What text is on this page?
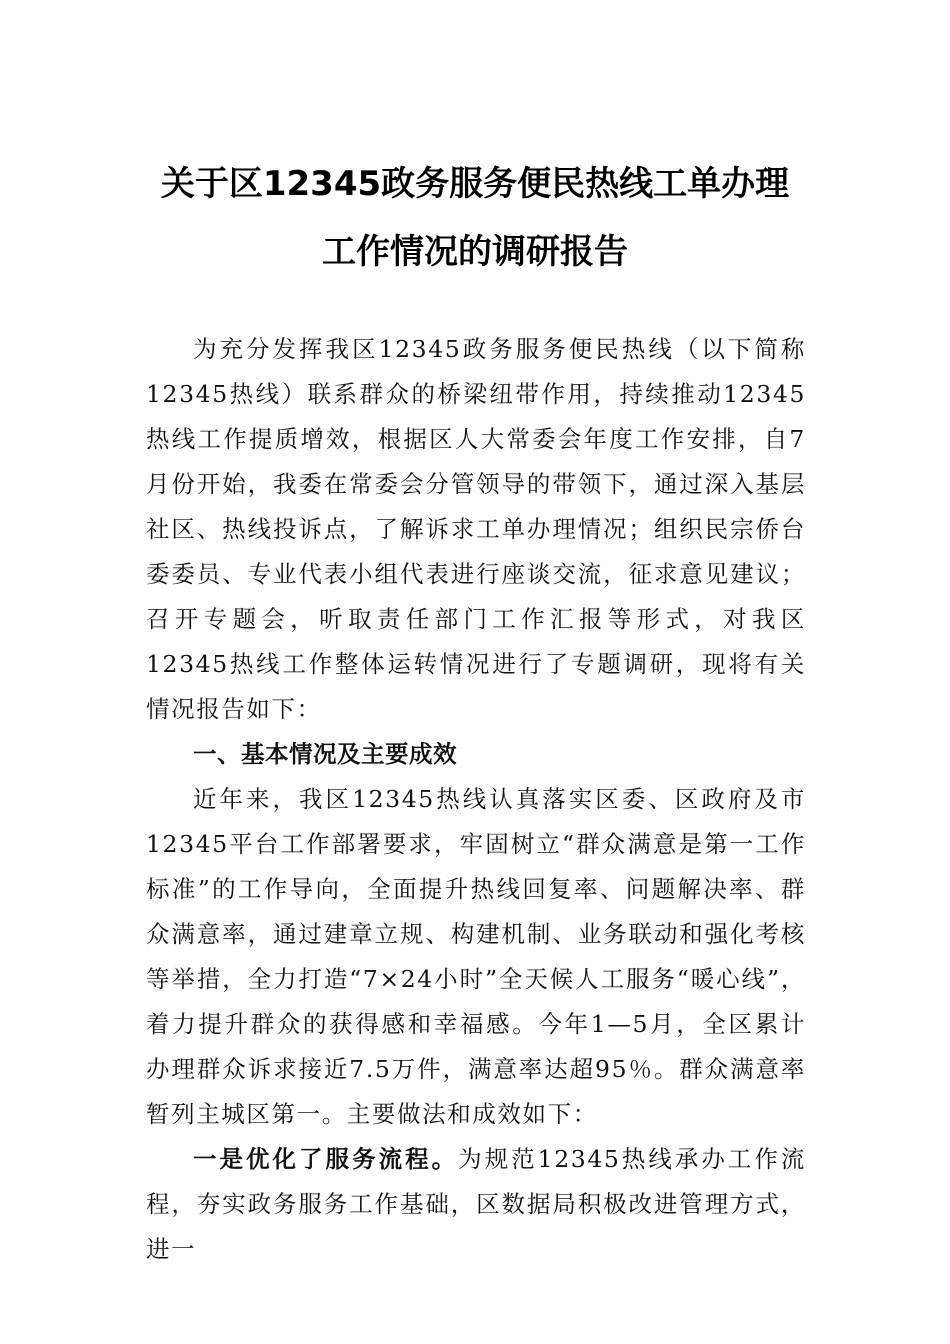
关于区12345政务服务便民热线工单办理
工作情况的调研报告

为充分发挥我区12345政务服务便民热线（以下简称12345热线）联系群众的桥梁纽带作用，持续推动12345热线工作提质增效，根据区人大常委会年度工作安排，自7月份开始，我委在常委会分管领导的带领下，通过深入基层社区、热线投诉点，了解诉求工单办理情况；组织民宗侨台委委员、专业代表小组代表进行座谈交流，征求意见建议；召开专题会，听取责任部门工作汇报等形式，对我区12345热线工作整体运转情况进行了专题调研，现将有关情况报告如下：

一、基本情况及主要成效

近年来，我区12345热线认真落实区委、区政府及市12345平台工作部署要求，牢固树立“群众满意是第一工作标准”的工作导向，全面提升热线回复率、问题解决率、群众满意率，通过建章立规、构建机制、业务联动和强化考核等举措，全力打造“7×24小时”全天候人工服务“暖心线”，着力提升群众的获得感和幸福感。今年1—5月，全区累计办理群众诉求接近7.5万件，满意率达超95％。群众满意率暂列主城区第一。主要做法和成效如下：

一是优化了服务流程。为规范12345热线承办工作流程，夯实政务服务工作基础，区数据局积极改进管理方式，进一
